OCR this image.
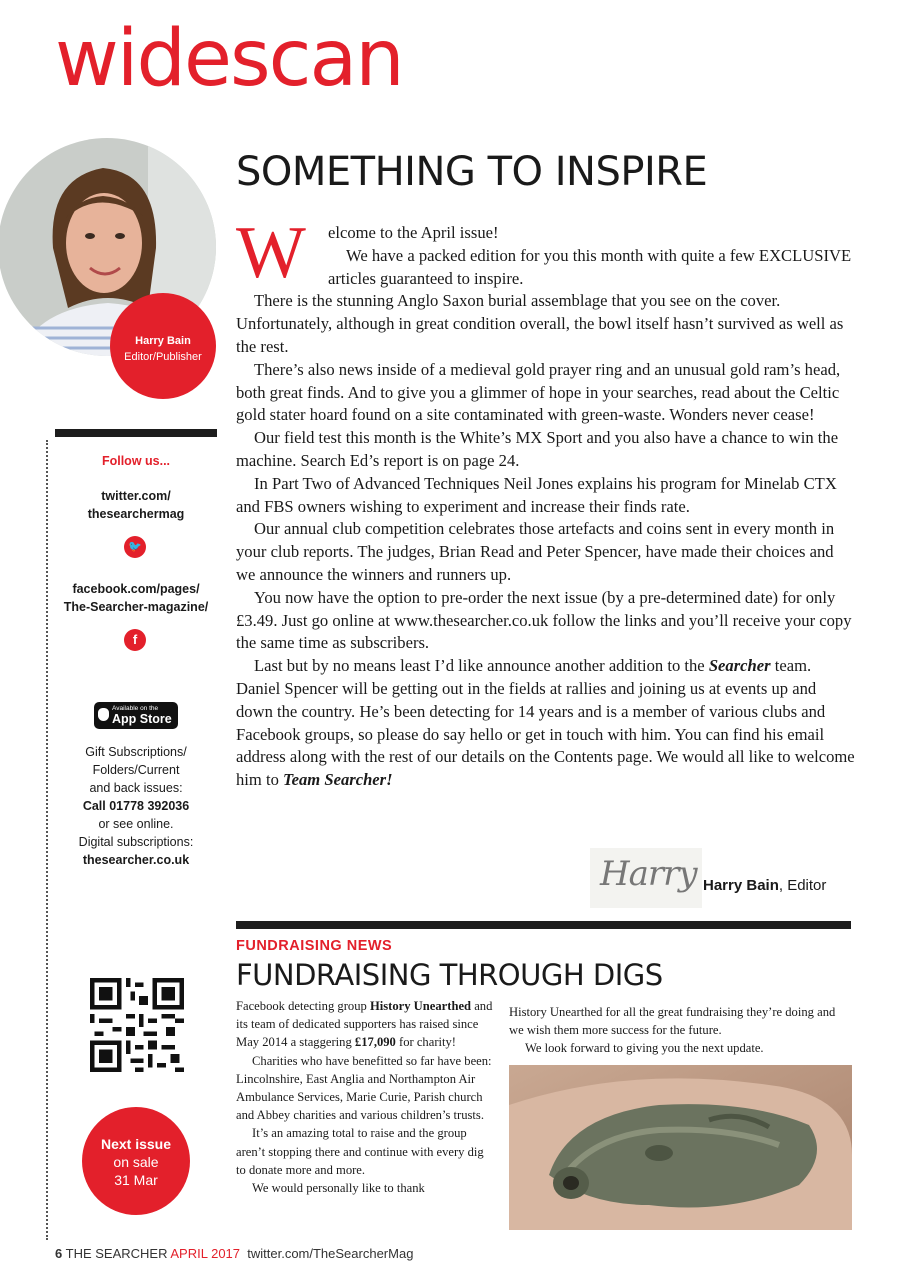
widescan
Harry Bain
Editor/Publisher
Follow us...
twitter.com/
thesearchermag
🐦
facebook.com/pages/
The-Searcher-magazine/
f
Available on the
App Store
Gift Subscriptions/
Folders/Current
and back issues:
Call 01778 392036
or see online.
Digital subscriptions:
thesearcher.co.uk
Next issue
on sale
31 Mar
SOMETHING TO INSPIRE
W	elcome to the April issue!

We have a packed edition for you this month with quite a few EXCLUSIVE articles guaranteed to inspire.

There is the stunning Anglo Saxon burial assemblage that you see on the cover. Unfortunately, although in great condition overall, the bowl itself hasn’t survived as well as the rest.

There’s also news inside of a medieval gold prayer ring and an unusual gold ram’s head, both great finds. And to give you a glimmer of hope in your searches, read about the Celtic gold stater hoard found on a site contaminated with green-waste. Wonders never cease!

Our field test this month is the White’s MX Sport and you also have a chance to win the machine. Search Ed’s report is on page 24.

In Part Two of Advanced Techniques Neil Jones explains his program for Minelab CTX and FBS owners wishing to experiment and increase their finds rate.

Our annual club competition celebrates those artefacts and coins sent in every month in your club reports. The judges, Brian Read and Peter Spencer, have made their choices and we announce the winners and runners up.

You now have the option to pre-order the next issue (by a pre-determined date) for only £3.49. Just go online at www.thesearcher.co.uk follow the links and you’ll receive your copy the same time as subscribers.

Last but by no means least I’d like announce another addition to the Searcher team. Daniel Spencer will be getting out in the fields at rallies and joining us at events up and down the country. He’s been detecting for 14 years and is a member of various clubs and Facebook groups, so please do say hello or get in touch with him. You can find his email address along with the rest of our details on the Contents page. We would all like to welcome him to Team Searcher!

Harry Harry Bain, Editor
FUNDRAISING NEWS
FUNDRAISING THROUGH DIGS

Facebook detecting group History Unearthed and its team of dedicated supporters has raised since May 2014 a staggering £17,090 for charity!

Charities who have benefitted so far have been: Lincolnshire, East Anglia and Northampton Air Ambulance Services, Marie Curie, Parish church and Abbey charities and various children’s trusts.

It’s an amazing total to raise and the group aren’t stopping there and continue with every dig to donate more and more.

We would personally like to thank

History Unearthed for all the great fundraising they’re doing and we wish them more success for the future.

We look forward to giving you the next update.

6 THE SEARCHER APRIL 2017 twitter.com/TheSearcherMag
